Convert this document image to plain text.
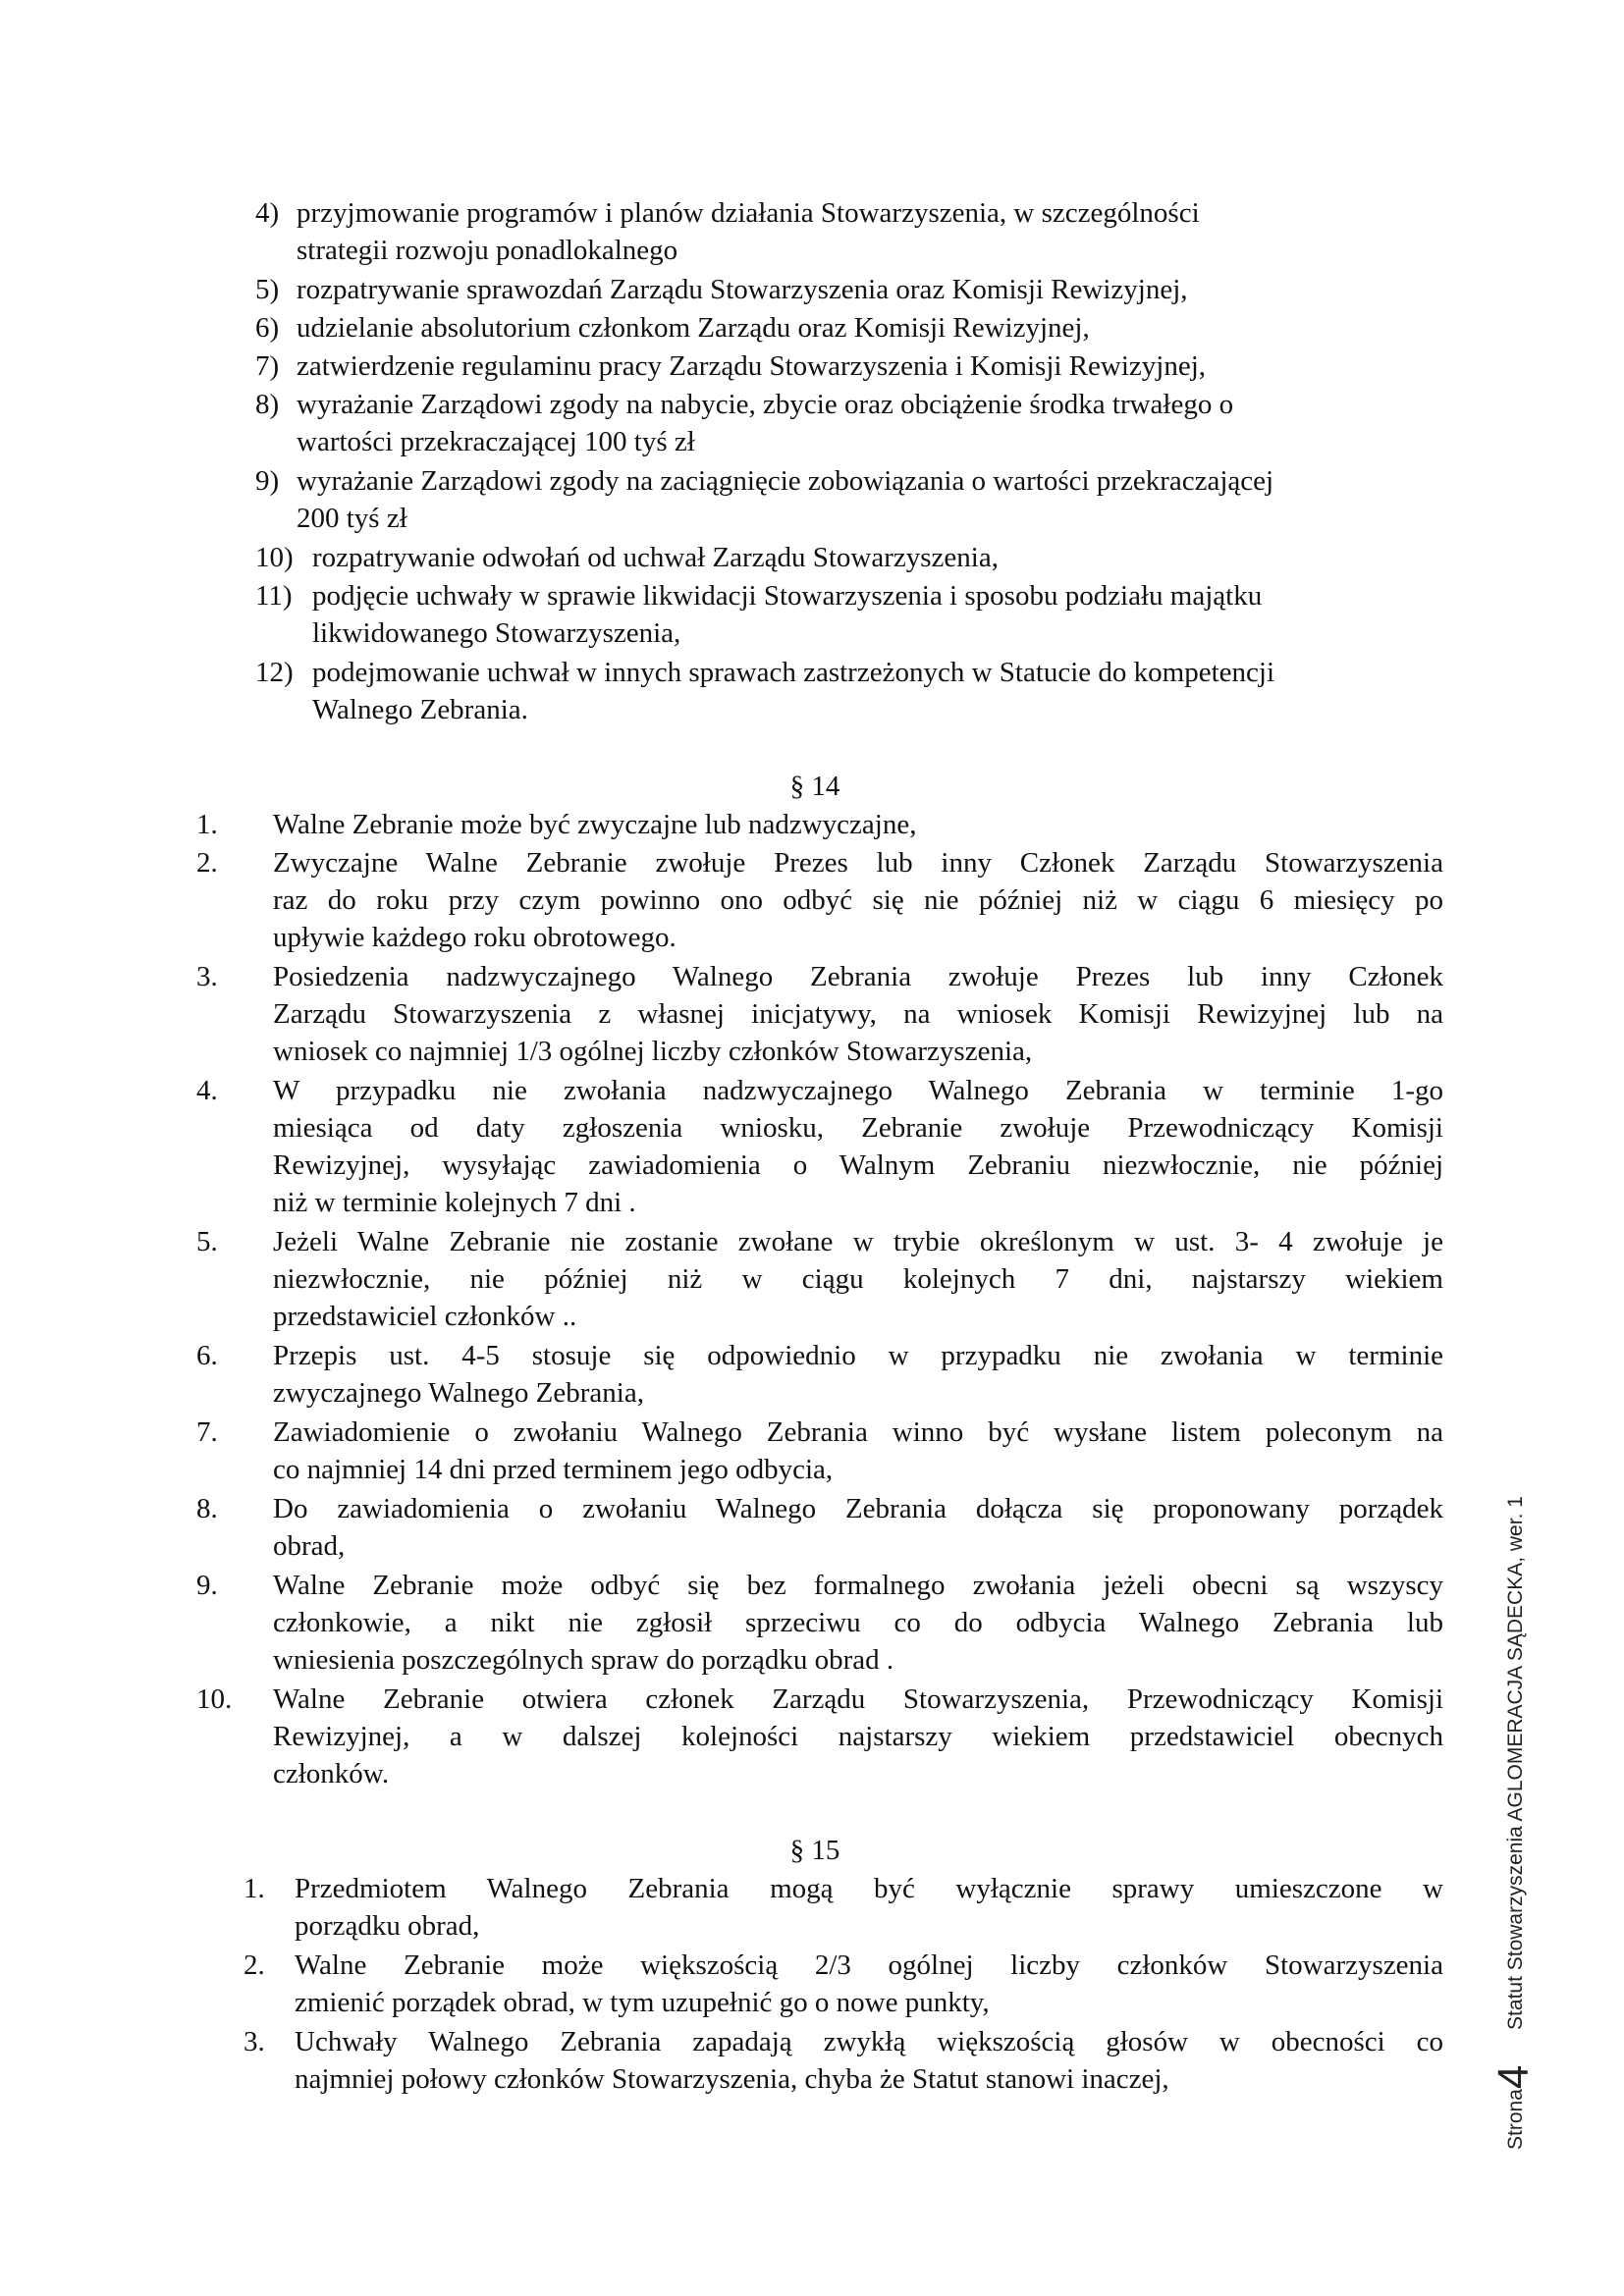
4) przyjmowanie programów i planów działania Stowarzyszenia, w szczególności
strategii rozwoju ponadlokalnego
5) rozpatrywanie sprawozdań Zarządu Stowarzyszenia oraz Komisji Rewizyjnej,
6) udzielanie absolutorium członkom Zarządu oraz Komisji Rewizyjnej,
7) zatwierdzenie regulaminu pracy Zarządu Stowarzyszenia i Komisji Rewizyjnej,
8) wyrażanie Zarządowi zgody na nabycie, zbycie oraz obciążenie środka trwałego o
wartości przekraczającej 100 tyś zł
9) wyrażanie Zarządowi zgody na zaciągnięcie zobowiązania o wartości przekraczającej
200 tyś zł
10) rozpatrywanie odwołań od uchwał Zarządu Stowarzyszenia,
11) podjęcie uchwały w sprawie likwidacji Stowarzyszenia i sposobu podziału majątku
likwidowanego Stowarzyszenia,
12) podejmowanie uchwał w innych sprawach zastrzeżonych w Statucie do kompetencji
Walnego Zebrania.
§ 14
1. Walne Zebranie może być zwyczajne lub nadzwyczajne,
2. Zwyczajne Walne Zebranie zwołuje Prezes lub inny Członek Zarządu Stowarzyszenia
raz do roku przy czym powinno ono odbyć się nie później niż w ciągu 6 miesięcy po
upływie każdego roku obrotowego.
3. Posiedzenia nadzwyczajnego Walnego Zebrania zwołuje Prezes lub inny Członek
Zarządu Stowarzyszenia z własnej inicjatywy, na wniosek Komisji Rewizyjnej lub na
wniosek co najmniej 1/3 ogólnej liczby członków Stowarzyszenia,
4. W przypadku nie zwołania nadzwyczajnego Walnego Zebrania w terminie 1-go
miesiąca od daty zgłoszenia wniosku, Zebranie zwołuje Przewodniczący Komisji
Rewizyjnej, wysyłając zawiadomienia o Walnym Zebraniu niezwłocznie, nie później
niż w terminie kolejnych 7 dni .
5. Jeżeli Walne Zebranie nie zostanie zwołane w trybie określonym w ust. 3- 4 zwołuje je
niezwłocznie, nie później niż w ciągu kolejnych 7 dni, najstarszy wiekiem
przedstawiciel członków ..
6. Przepis ust. 4-5 stosuje się odpowiednio w przypadku nie zwołania w terminie
zwyczajnego Walnego Zebrania,
7. Zawiadomienie o zwołaniu Walnego Zebrania winno być wysłane listem poleconym na
co najmniej 14 dni przed terminem jego odbycia,
8. Do zawiadomienia o zwołaniu Walnego Zebrania dołącza się proponowany porządek
obrad,
9. Walne Zebranie może odbyć się bez formalnego zwołania jeżeli obecni są wszyscy
członkowie, a nikt nie zgłosił sprzeciwu co do odbycia Walnego Zebrania lub
wniesienia poszczególnych spraw do porządku obrad .
10. Walne Zebranie otwiera członek Zarządu Stowarzyszenia, Przewodniczący Komisji
Rewizyjnej, a w dalszej kolejności najstarszy wiekiem przedstawiciel obecnych
członków.
§ 15
1. Przedmiotem Walnego Zebrania mogą być wyłącznie sprawy umieszczone w
porządku obrad,
2. Walne Zebranie może większością 2/3 ogólnej liczby członków Stowarzyszenia
zmienić porządek obrad, w tym uzupełnić go o nowe punkty,
3. Uchwały Walnego Zebrania zapadają zwykłą większością głosów w obecności co
najmniej połowy członków Stowarzyszenia, chyba że Statut stanowi inaczej,
Strona4  Statut Stowarzyszenia AGLOMERACJA SĄDECKA, wer. 1
